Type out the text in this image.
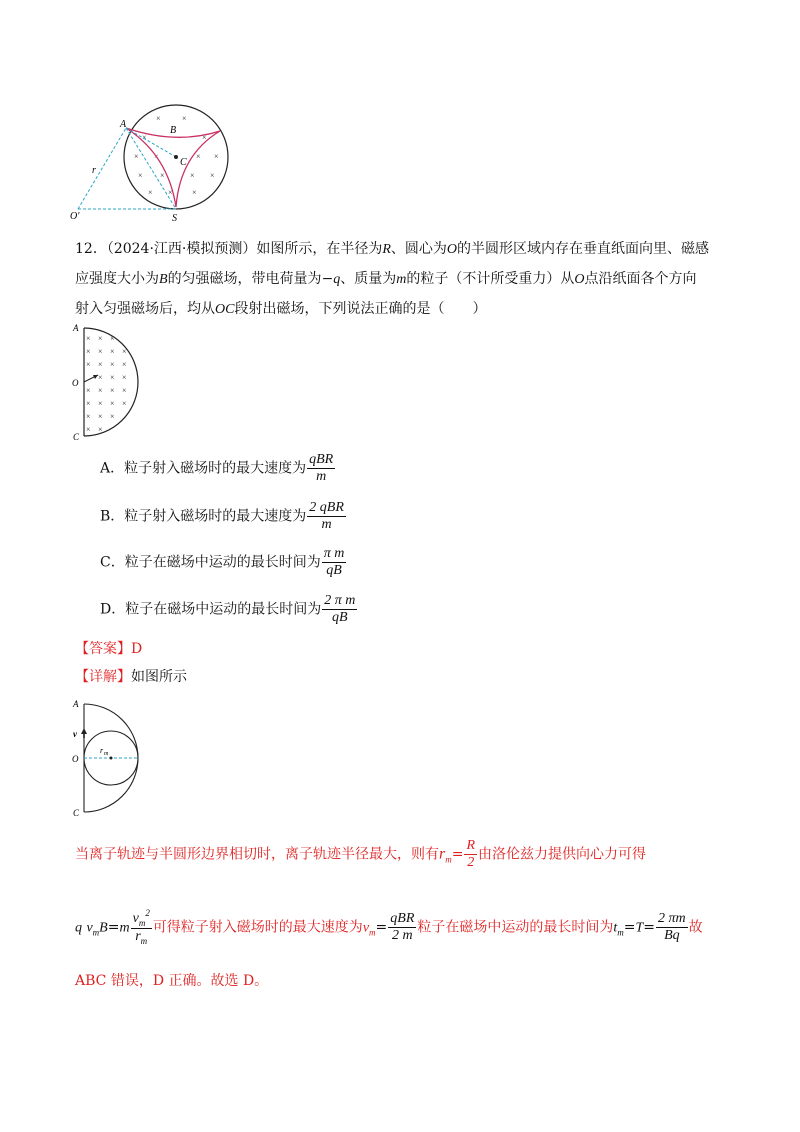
×	×
×	×
× ×	× ×
× ×	× ×
× × ×
A
B
C
r
O'	S
12．（2024·江西·模拟预测）如图所示，在半径为R、圆心为O的半圆形区域内存在垂直纸面向里、磁感
应强度大小为B的匀强磁场，带电荷量为−q、质量为m的粒子（不计所受重力）从O点沿纸面各个方向
射入匀强磁场后，均从OC段射出磁场，下列说法正确的是（　　）
× × ×
× × × ×
× × × ×
× × ×
× × × ×
× × × ×
× × ×
× ×
A
O
C
A．粒子射入磁场时的最大速度为 $\frac{\text{qBR}}{m}$
B．粒子射入磁场时的最大速度为 $\frac{\text{2 qBR}}{m}$
C．粒子在磁场中运动的最长时间为 $\frac{\text{π m}}{qB}$
D．粒子在磁场中运动的最长时间为 $\frac{\text{2 π m}}{qB}$
【答案】D
【详解】如图所示
A
v
O
r m
C
当离子轨迹与半圆形边界相切时，离子轨迹半径最大，则有$r_m= \frac{R}{2}$ 由洛伦兹力提供向心力可得
q $v_mB=m \frac{v_m^2}{r_m}$ 可得粒子射入磁场时的最大速度为$v_m= \frac{\text{qBR}}{2 m}$ 粒子在磁场中运动的最长时间为$t_m=T= \frac{2 \pi m}{Bq}$ 故
ABC 错误，D 正确。故选 D。
